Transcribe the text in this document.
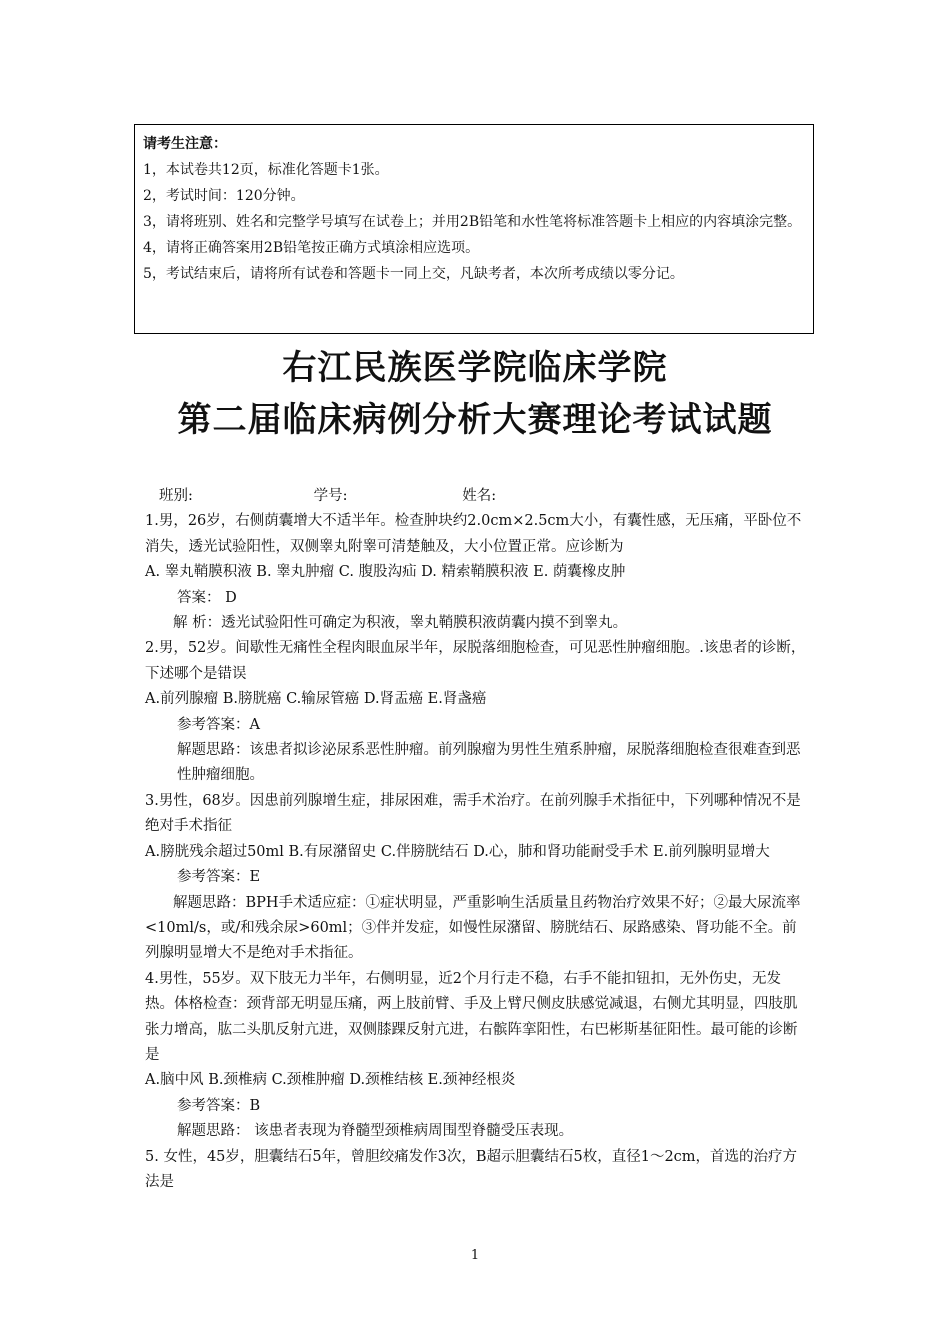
请考生注意：

1，本试卷共12页，标准化答题卡1张。

2，考试时间：120分钟。

3，请将班别、姓名和完整学号填写在试卷上；并用2B铅笔和水性笔将标准答题卡上相应的内容填涂完整。

4，请将正确答案用2B铅笔按正确方式填涂相应选项。

5，考试结束后，请将所有试卷和答题卡一同上交，凡缺考者，本次所考成绩以零分记。

右江民族医学院临床学院
第二届临床病例分析大赛理论考试试题

班别:	学号:	姓名:

1.男，26岁，右侧荫囊增大不适半年。检查肿块约2.0cm×2.5cm大小，有囊性感，无压痛，平卧位不消失，透光试验阳性，双侧睾丸附睾可清楚触及，大小位置正常。应诊断为

A. 睾丸鞘膜积液 B. 睾丸肿瘤 C. 腹股沟疝 D. 精索鞘膜积液 E. 荫囊橡皮肿

答案： D

解 析：透光试验阳性可确定为积液，睾丸鞘膜积液荫囊内摸不到睾丸。

2.男，52岁。间歇性无痛性全程肉眼血尿半年，尿脱落细胞检查，可见恶性肿瘤细胞。.该患者的诊断，下述哪个是错误

A.前列腺瘤 B.膀胱癌 C.输尿管癌 D.肾盂癌 E.肾盏癌

参考答案：A

解题思路：该患者拟诊泌尿系恶性肿瘤。前列腺瘤为男性生殖系肿瘤，尿脱落细胞检查很难查到恶性肿瘤细胞。

3.男性，68岁。因患前列腺增生症，排尿困难，需手术治疗。在前列腺手术指征中，下列哪种情况不是绝对手术指征

A.膀胱残余超过50ml B.有尿潴留史 C.伴膀胱结石 D.心，肺和肾功能耐受手术 E.前列腺明显增大

参考答案：E

解题思路：BPH手术适应症：①症状明显，严重影响生活质量且药物治疗效果不好；②最大尿流率<10ml/s，或/和残余尿>60ml；③伴并发症，如慢性尿潴留、膀胱结石、尿路感染、肾功能不全。前列腺明显增大不是绝对手术指征。

4.男性，55岁。双下肢无力半年，右侧明显，近2个月行走不稳，右手不能扣钮扣，无外伤史，无发热。体格检查：颈背部无明显压痛，两上肢前臂、手及上臂尺侧皮肤感觉减退，右侧尤其明显，四肢肌张力增高，肱二头肌反射亢进，双侧膝踝反射亢进，右髌阵挛阳性，右巴彬斯基征阳性。最可能的诊断是

A.脑中风 B.颈椎病 C.颈椎肿瘤 D.颈椎结核 E.颈神经根炎

参考答案：B

解题思路： 该患者表现为脊髓型颈椎病周围型脊髓受压表现。

5. 女性，45岁，胆囊结石5年，曾胆绞痛发作3次，B超示胆囊结石5枚，直径1～2cm，首选的治疗方法是

1
